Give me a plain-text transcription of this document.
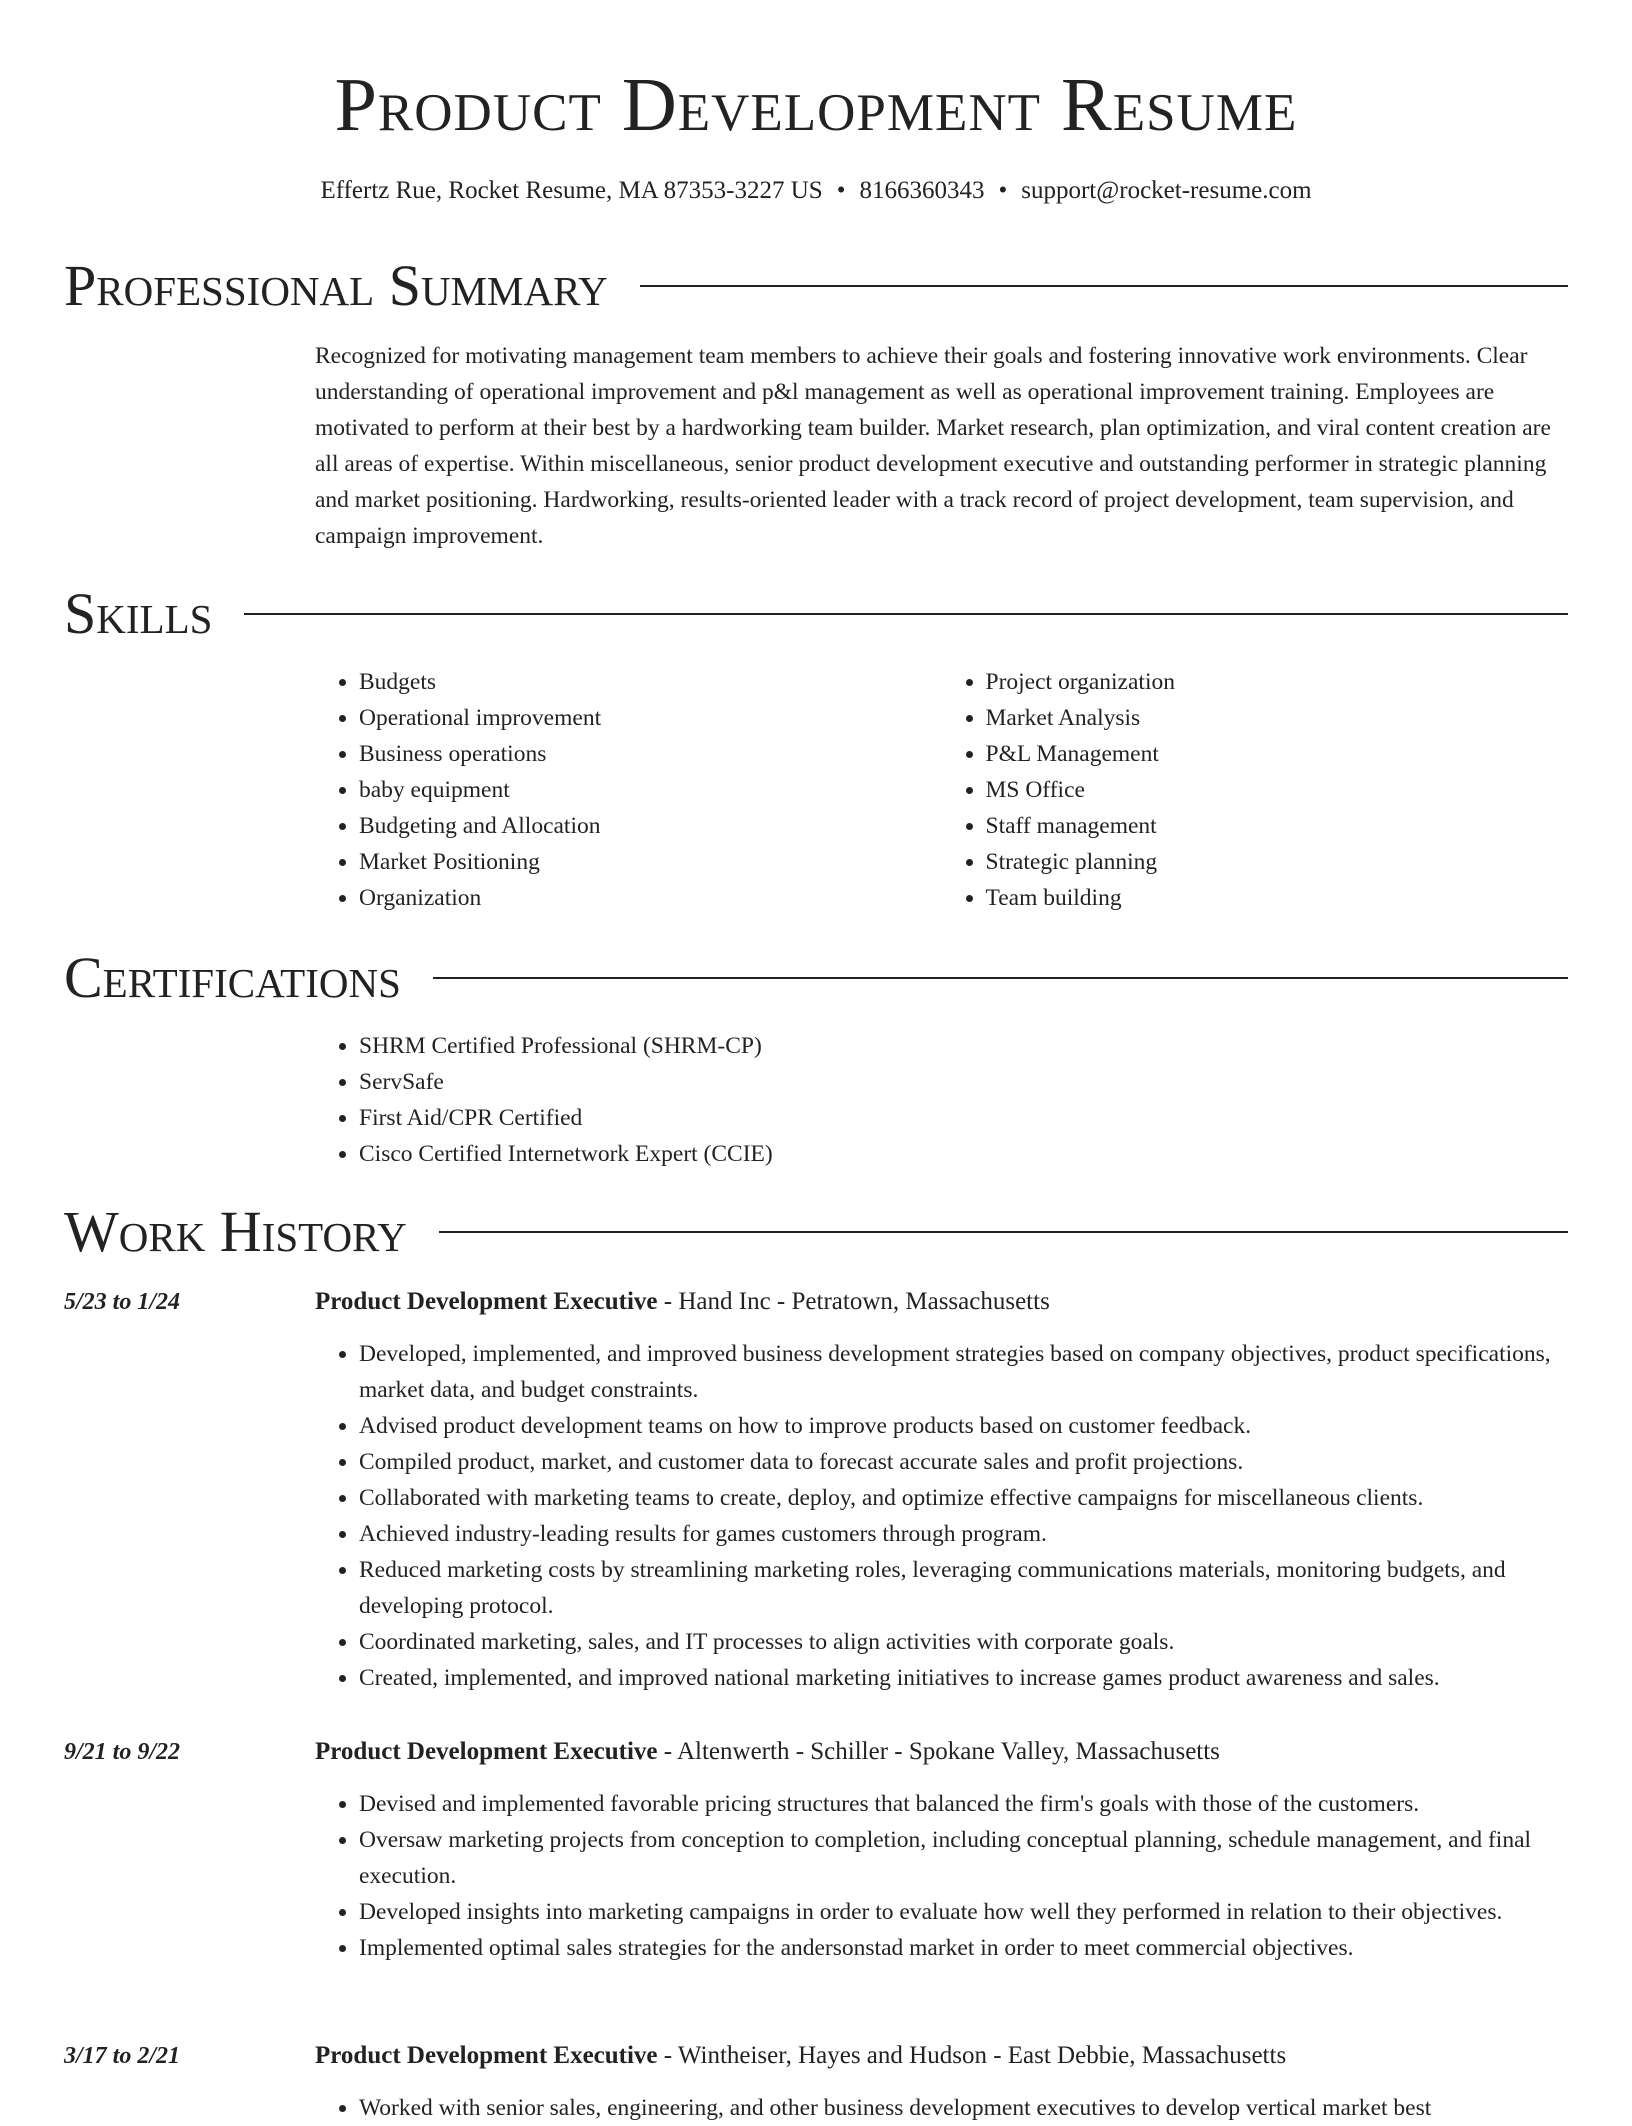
Product Development Resume
Effertz Rue, Rocket Resume, MA 87353-3227 US • 8166360343 • support@rocket-resume.com
Professional Summary

Recognized for motivating management team members to achieve their goals and fostering innovative work environments. Clear understanding of operational improvement and p&l management as well as operational improvement training. Employees are motivated to perform at their best by a hardworking team builder. Market research, plan optimization, and viral content creation are all areas of expertise. Within miscellaneous, senior product development executive and outstanding performer in strategic planning and market positioning. Hardworking, results-oriented leader with a track record of project development, team supervision, and campaign improvement.

Skills
• Budgets
• Operational improvement
• Business operations
• baby equipment
• Budgeting and Allocation
• Market Positioning
• Organization
• Project organization
• Market Analysis
• P&L Management
• MS Office
• Staff management
• Strategic planning
• Team building
Certifications
• SHRM Certified Professional (SHRM-CP)
• ServSafe
• First Aid/CPR Certified
• Cisco Certified Internetwork Expert (CCIE)
Work History
5/23 to 1/24	Product Development Executive - Hand Inc - Petratown, Massachusetts
• Developed, implemented, and improved business development strategies based on company objectives, product specifications, market data, and budget constraints.
• Advised product development teams on how to improve products based on customer feedback.
• Compiled product, market, and customer data to forecast accurate sales and profit projections.
• Collaborated with marketing teams to create, deploy, and optimize effective campaigns for miscellaneous clients.
• Achieved industry-leading results for games customers through program.
• Reduced marketing costs by streamlining marketing roles, leveraging communications materials, monitoring budgets, and developing protocol.
• Coordinated marketing, sales, and IT processes to align activities with corporate goals.
• Created, implemented, and improved national marketing initiatives to increase games product awareness and sales.
9/21 to 9/22	Product Development Executive - Altenwerth - Schiller - Spokane Valley, Massachusetts
• Devised and implemented favorable pricing structures that balanced the firm's goals with those of the customers.
• Oversaw marketing projects from conception to completion, including conceptual planning, schedule management, and final execution.
• Developed insights into marketing campaigns in order to evaluate how well they performed in relation to their objectives.
• Implemented optimal sales strategies for the andersonstad market in order to meet commercial objectives.
3/17 to 2/21	Product Development Executive - Wintheiser, Hayes and Hudson - East Debbie, Massachusetts
• Worked with senior sales, engineering, and other business development executives to develop vertical market best
